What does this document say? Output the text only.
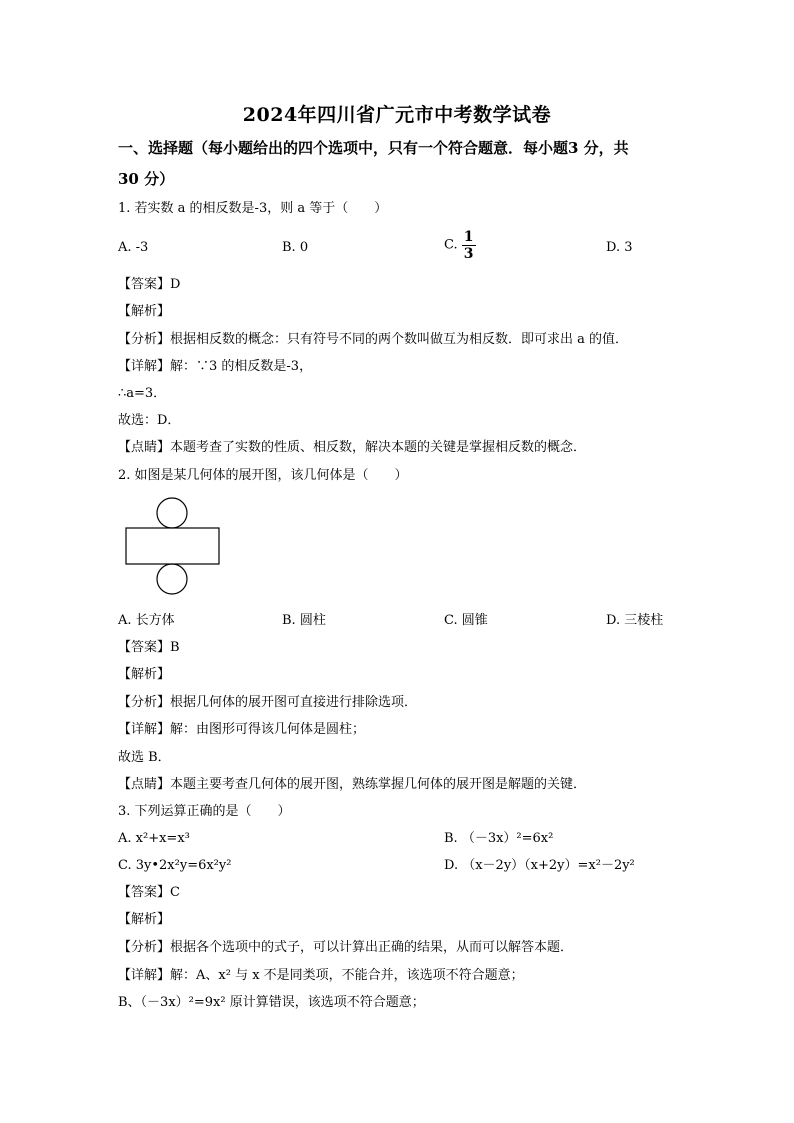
2024年四川省广元市中考数学试卷
一、选择题（每小题给出的四个选项中，只有一个符合题意．每小题3 分，共
30 分）
1. 若实数 a 的相反数是-3，则 a 等于（　　）
A. -3	B. 0	C. $\frac{1}{3}$	D. 3
【答案】D
【解析】
【分析】根据相反数的概念：只有符号不同的两个数叫做互为相反数．即可求出 a 的值．
【详解】解：∵3 的相反数是-3，
∴a=3．
故选：D．
【点睛】本题考查了实数的性质、相反数，解决本题的关键是掌握相反数的概念．
2. 如图是某几何体的展开图，该几何体是（　　）
A. 长方体	B. 圆柱	C. 圆锥	D. 三棱柱
【答案】B
【解析】
【分析】根据几何体的展开图可直接进行排除选项．
【详解】解：由图形可得该几何体是圆柱；
故选 B．
【点睛】本题主要考查几何体的展开图，熟练掌握几何体的展开图是解题的关键．
3. 下列运算正确的是（　　）
A. x²+x=x³	B. （－3x）²=6x²
C. 3y•2x²y=6x²y²	D. （x－2y）（x+2y）=x²－2y²
【答案】C
【解析】
【分析】根据各个选项中的式子，可以计算出正确的结果，从而可以解答本题．
【详解】解：A、x² 与 x 不是同类项，不能合并，该选项不符合题意；
B、（－3x）²=9x² 原计算错误，该选项不符合题意；
